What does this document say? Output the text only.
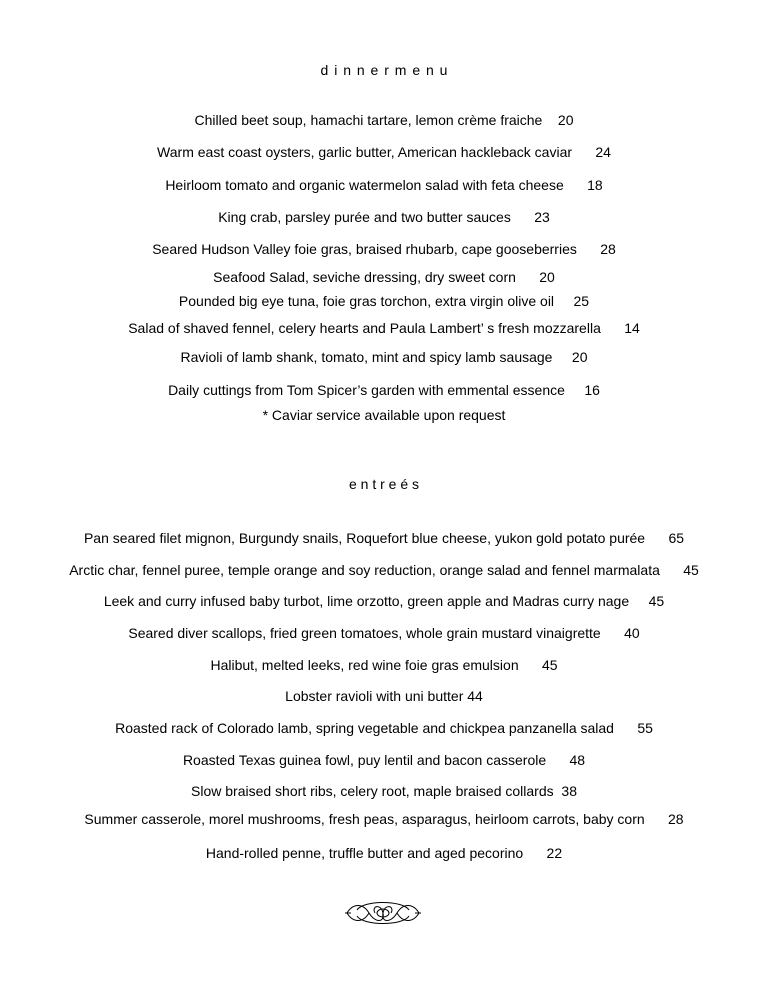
d i n n e r m e n u
Chilled beet soup, hamachi tartare, lemon crème fraiche 20
Warm east coast oysters, garlic butter, American hackleback caviar 24
Heirloom tomato and organic watermelon salad with feta cheese 18
King crab, parsley purée and two butter sauces 23
Seared Hudson Valley foie gras, braised rhubarb, cape gooseberries 28
Seafood Salad, seviche dressing, dry sweet corn 20
Pounded big eye tuna, foie gras torchon, extra virgin olive oil 25
Salad of shaved fennel, celery hearts and Paula Lambert’ s fresh mozzarella 14
Ravioli of lamb shank, tomato, mint and spicy lamb sausage 20
Daily cuttings from Tom Spicer’s garden with emmental essence 16
* Caviar service available upon request
e n t r e é s
Pan seared filet mignon, Burgundy snails, Roquefort blue cheese, yukon gold potato purée 65
Arctic char, fennel puree, temple orange and soy reduction, orange salad and fennel marmalata 45
Leek and curry infused baby turbot, lime orzotto, green apple and Madras curry nage 45
Seared diver scallops, fried green tomatoes, whole grain mustard vinaigrette 40
Halibut, melted leeks, red wine foie gras emulsion 45
Lobster ravioli with uni butter 44
Roasted rack of Colorado lamb, spring vegetable and chickpea panzanella salad 55
Roasted Texas guinea fowl, puy lentil and bacon casserole 48
Slow braised short ribs, celery root, maple braised collards 38
Summer casserole, morel mushrooms, fresh peas, asparagus, heirloom carrots, baby corn 28
Hand-rolled penne, truffle butter and aged pecorino 22
